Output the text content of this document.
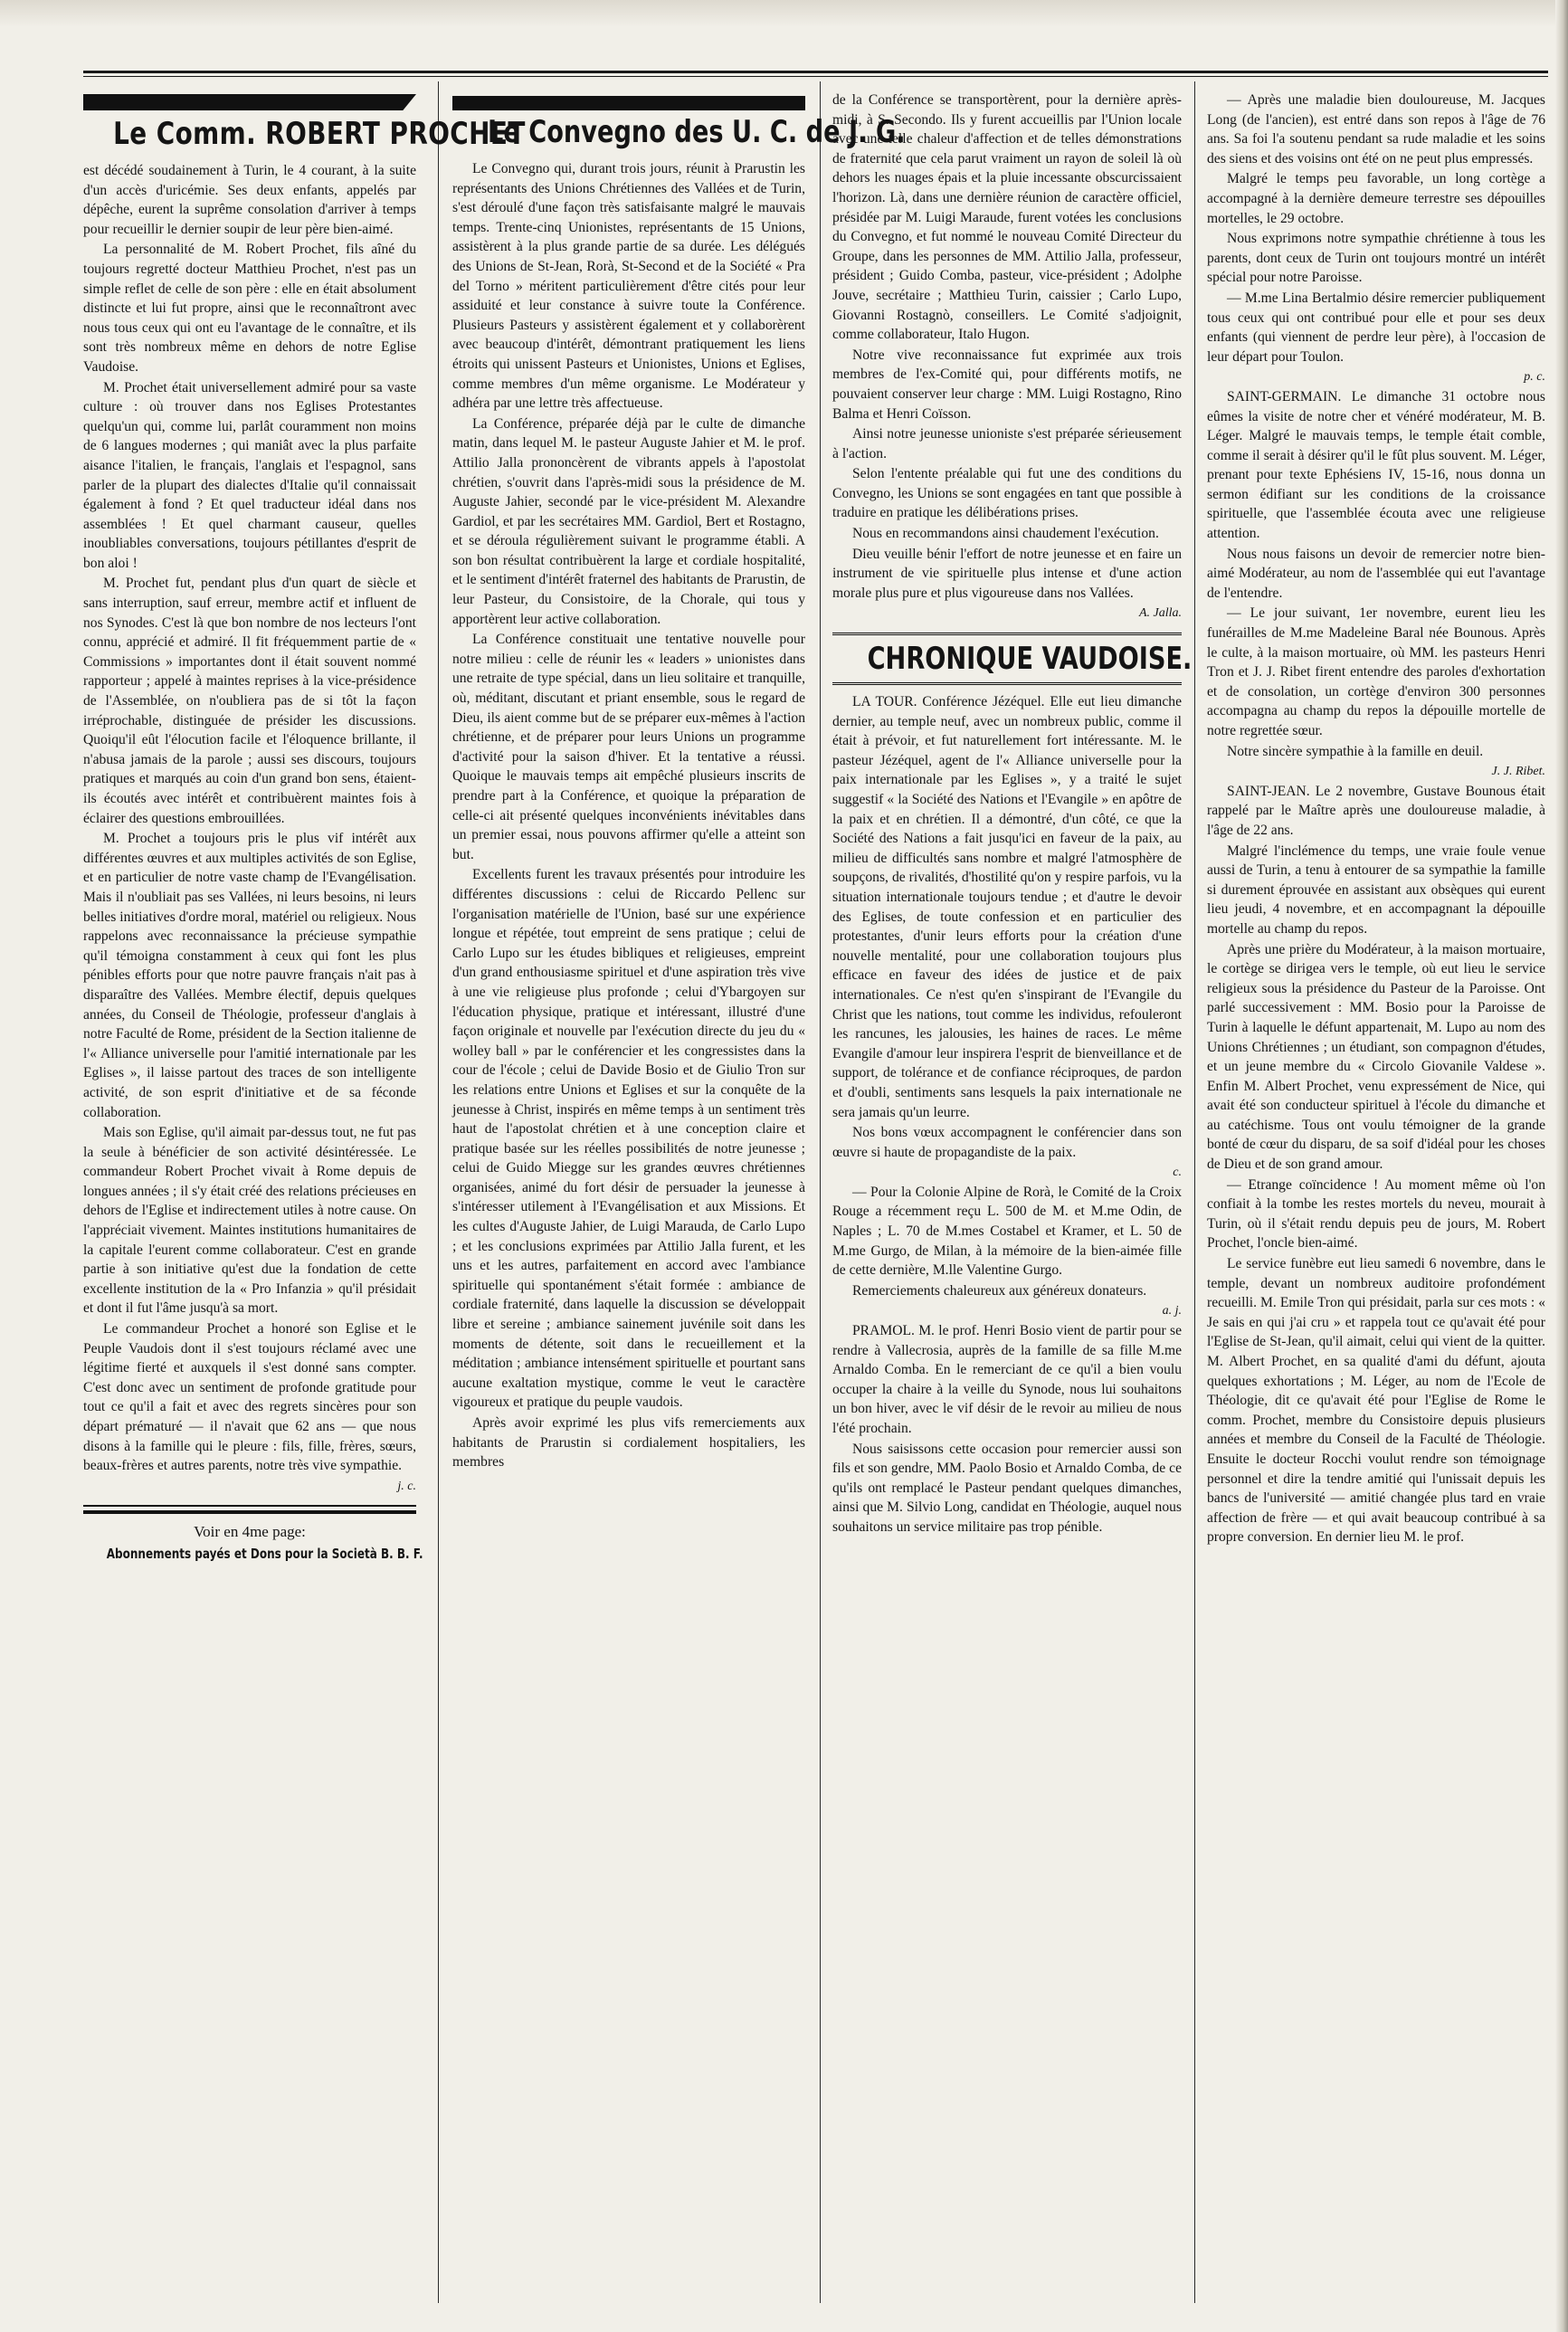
Le Comm. ROBERT PROCHET

est décédé soudainement à Turin, le 4 courant, à la suite d'un accès d'uricémie. Ses deux enfants, appelés par dépêche, eurent la suprême consolation d'arriver à temps pour recueillir le dernier soupir de leur père bien-aimé.

La personnalité de M. Robert Prochet, fils aîné du toujours regretté docteur Matthieu Prochet, n'est pas un simple reflet de celle de son père : elle en était absolument distincte et lui fut propre, ainsi que le reconnaîtront avec nous tous ceux qui ont eu l'avantage de le connaître, et ils sont très nombreux même en dehors de notre Eglise Vaudoise.

M. Prochet était universellement admiré pour sa vaste culture : où trouver dans nos Eglises Protestantes quelqu'un qui, comme lui, parlât couramment non moins de 6 langues modernes ; qui maniât avec la plus parfaite aisance l'italien, le français, l'anglais et l'espagnol, sans parler de la plupart des dialectes d'Italie qu'il connaissait également à fond ? Et quel traducteur idéal dans nos assemblées ! Et quel charmant causeur, quelles inoubliables conversations, toujours pétillantes d'esprit de bon aloi !

M. Prochet fut, pendant plus d'un quart de siècle et sans interruption, sauf erreur, membre actif et influent de nos Synodes. C'est là que bon nombre de nos lecteurs l'ont connu, apprécié et admiré. Il fit fréquemment partie de « Commissions » importantes dont il était souvent nommé rapporteur ; appelé à maintes reprises à la vice-présidence de l'Assemblée, on n'oubliera pas de si tôt la façon irréprochable, distinguée de présider les discussions. Quoiqu'il eût l'élocution facile et l'éloquence brillante, il n'abusa jamais de la parole ; aussi ses discours, toujours pratiques et marqués au coin d'un grand bon sens, étaient-ils écoutés avec intérêt et contribuèrent maintes fois à éclairer des questions embrouillées.

M. Prochet a toujours pris le plus vif intérêt aux différentes œuvres et aux multiples activités de son Eglise, et en particulier de notre vaste champ de l'Evangélisation. Mais il n'oubliait pas ses Vallées, ni leurs besoins, ni leurs belles initiatives d'ordre moral, matériel ou religieux. Nous rappelons avec reconnaissance la précieuse sympathie qu'il témoigna constamment à ceux qui font les plus pénibles efforts pour que notre pauvre français n'ait pas à disparaître des Vallées. Membre électif, depuis quelques années, du Conseil de Théologie, professeur d'anglais à notre Faculté de Rome, président de la Section italienne de l'« Alliance universelle pour l'amitié internationale par les Eglises », il laisse partout des traces de son intelligente activité, de son esprit d'initiative et de sa féconde collaboration.

Mais son Eglise, qu'il aimait par-dessus tout, ne fut pas la seule à bénéficier de son activité désintéressée. Le commandeur Robert Prochet vivait à Rome depuis de longues années ; il s'y était créé des relations précieuses en dehors de l'Eglise et indirectement utiles à notre cause. On l'appréciait vivement. Maintes institutions humanitaires de la capitale l'eurent comme collaborateur. C'est en grande partie à son initiative qu'est due la fondation de cette excellente institution de la « Pro Infanzia » qu'il présidait et dont il fut l'âme jusqu'à sa mort.

Le commandeur Prochet a honoré son Eglise et le Peuple Vaudois dont il s'est toujours réclamé avec une légitime fierté et auxquels il s'est donné sans compter. C'est donc avec un sentiment de profonde gratitude pour tout ce qu'il a fait et avec des regrets sincères pour son départ prématuré — il n'avait que 62 ans — que nous disons à la famille qui le pleure : fils, fille, frères, sœurs, beaux-frères et autres parents, notre très vive sympathie.

j. c.
Voir en 4me page:
Abonnements payés et Dons pour la Società B. B. F.
Le Convegno des U. C. de J. G.

Le Convegno qui, durant trois jours, réunit à Prarustin les représentants des Unions Chrétiennes des Vallées et de Turin, s'est déroulé d'une façon très satisfaisante malgré le mauvais temps. Trente-cinq Unionistes, représentants de 15 Unions, assistèrent à la plus grande partie de sa durée. Les délégués des Unions de St-Jean, Rorà, St-Second et de la Société « Pra del Torno » méritent particulièrement d'être cités pour leur assiduité et leur constance à suivre toute la Conférence. Plusieurs Pasteurs y assistèrent également et y collaborèrent avec beaucoup d'intérêt, démontrant pratiquement les liens étroits qui unissent Pasteurs et Unionistes, Unions et Eglises, comme membres d'un même organisme. Le Modérateur y adhéra par une lettre très affectueuse.

La Conférence, préparée déjà par le culte de dimanche matin, dans lequel M. le pasteur Auguste Jahier et M. le prof. Attilio Jalla prononcèrent de vibrants appels à l'apostolat chrétien, s'ouvrit dans l'après-midi sous la présidence de M. Auguste Jahier, secondé par le vice-président M. Alexandre Gardiol, et par les secrétaires MM. Gardiol, Bert et Rostagno, et se déroula régulièrement suivant le programme établi. A son bon résultat contribuèrent la large et cordiale hospitalité, et le sentiment d'intérêt fraternel des habitants de Prarustin, de leur Pasteur, du Consistoire, de la Chorale, qui tous y apportèrent leur active collaboration.

La Conférence constituait une tentative nouvelle pour notre milieu : celle de réunir les « leaders » unionistes dans une retraite de type spécial, dans un lieu solitaire et tranquille, où, méditant, discutant et priant ensemble, sous le regard de Dieu, ils aient comme but de se préparer eux-mêmes à l'action chrétienne, et de préparer pour leurs Unions un programme d'activité pour la saison d'hiver. Et la tentative a réussi. Quoique le mauvais temps ait empêché plusieurs inscrits de prendre part à la Conférence, et quoique la préparation de celle-ci ait présenté quelques inconvénients inévitables dans un premier essai, nous pouvons affirmer qu'elle a atteint son but.

Excellents furent les travaux présentés pour introduire les différentes discussions : celui de Riccardo Pellenc sur l'organisation matérielle de l'Union, basé sur une expérience longue et répétée, tout empreint de sens pratique ; celui de Carlo Lupo sur les études bibliques et religieuses, empreint d'un grand enthousiasme spirituel et d'une aspiration très vive à une vie religieuse plus profonde ; celui d'Ybargoyen sur l'éducation physique, pratique et intéressant, illustré d'une façon originale et nouvelle par l'exécution directe du jeu du « wolley ball » par le conférencier et les congressistes dans la cour de l'école ; celui de Davide Bosio et de Giulio Tron sur les relations entre Unions et Eglises et sur la conquête de la jeunesse à Christ, inspirés en même temps à un sentiment très haut de l'apostolat chrétien et à une conception claire et pratique basée sur les réelles possibilités de notre jeunesse ; celui de Guido Miegge sur les grandes œuvres chrétiennes organisées, animé du fort désir de persuader la jeunesse à s'intéresser utilement à l'Evangélisation et aux Missions. Et les cultes d'Auguste Jahier, de Luigi Marauda, de Carlo Lupo ; et les conclusions exprimées par Attilio Jalla furent, et les uns et les autres, parfaitement en accord avec l'ambiance spirituelle qui spontanément s'était formée : ambiance de cordiale fraternité, dans laquelle la discussion se développait libre et sereine ; ambiance sainement juvénile soit dans les moments de détente, soit dans le recueillement et la méditation ; ambiance intensément spirituelle et pourtant sans aucune exaltation mystique, comme le veut le caractère vigoureux et pratique du peuple vaudois.

Après avoir exprimé les plus vifs remerciements aux habitants de Prarustin si cordialement hospitaliers, les membres

de la Conférence se transportèrent, pour la dernière après-midi, à S. Secondo. Ils y furent accueillis par l'Union locale avec une telle chaleur d'affection et de telles démonstrations de fraternité que cela parut vraiment un rayon de soleil là où dehors les nuages épais et la pluie incessante obscurcissaient l'horizon. Là, dans une dernière réunion de caractère officiel, présidée par M. Luigi Maraude, furent votées les conclusions du Convegno, et fut nommé le nouveau Comité Directeur du Groupe, dans les personnes de MM. Attilio Jalla, professeur, président ; Guido Comba, pasteur, vice-président ; Adolphe Jouve, secrétaire ; Matthieu Turin, caissier ; Carlo Lupo, Giovanni Rostagnò, conseillers. Le Comité s'adjoignit, comme collaborateur, Italo Hugon.

Notre vive reconnaissance fut exprimée aux trois membres de l'ex-Comité qui, pour différents motifs, ne pouvaient conserver leur charge : MM. Luigi Rostagno, Rino Balma et Henri Coïsson.

Ainsi notre jeunesse unioniste s'est préparée sérieusement à l'action.

Selon l'entente préalable qui fut une des conditions du Convegno, les Unions se sont engagées en tant que possible à traduire en pratique les délibérations prises.

Nous en recommandons ainsi chaudement l'exécution.

Dieu veuille bénir l'effort de notre jeunesse et en faire un instrument de vie spirituelle plus intense et d'une action morale plus pure et plus vigoureuse dans nos Vallées.

A. Jalla.
CHRONIQUE VAUDOISE.

LA TOUR. Conférence Jézéquel. Elle eut lieu dimanche dernier, au temple neuf, avec un nombreux public, comme il était à prévoir, et fut naturellement fort intéressante. M. le pasteur Jézéquel, agent de l'« Alliance universelle pour la paix internationale par les Eglises », y a traité le sujet suggestif « la Société des Nations et l'Evangile » en apôtre de la paix et en chrétien. Il a démontré, d'un côté, ce que la Société des Nations a fait jusqu'ici en faveur de la paix, au milieu de difficultés sans nombre et malgré l'atmosphère de soupçons, de rivalités, d'hostilité qu'on y respire parfois, vu la situation internationale toujours tendue ; et d'autre le devoir des Eglises, de toute confession et en particulier des protestantes, d'unir leurs efforts pour la création d'une nouvelle mentalité, pour une collaboration toujours plus efficace en faveur des idées de justice et de paix internationales. Ce n'est qu'en s'inspirant de l'Evangile du Christ que les nations, tout comme les individus, refouleront les rancunes, les jalousies, les haines de races. Le même Evangile d'amour leur inspirera l'esprit de bienveillance et de support, de tolérance et de confiance réciproques, de pardon et d'oubli, sentiments sans lesquels la paix internationale ne sera jamais qu'un leurre.

Nos bons vœux accompagnent le conférencier dans son œuvre si haute de propagandiste de la paix.

c.

— Pour la Colonie Alpine de Rorà, le Comité de la Croix Rouge a récemment reçu L. 500 de M. et M.me Odin, de Naples ; L. 70 de M.mes Costabel et Kramer, et L. 50 de M.me Gurgo, de Milan, à la mémoire de la bien-aimée fille de cette dernière, M.lle Valentine Gurgo.

Remerciements chaleureux aux généreux donateurs.

a. j.

PRAMOL. M. le prof. Henri Bosio vient de partir pour se rendre à Vallecrosia, auprès de la famille de sa fille M.me Arnaldo Comba. En le remerciant de ce qu'il a bien voulu occuper la chaire à la veille du Synode, nous lui souhaitons un bon hiver, avec le vif désir de le revoir au milieu de nous l'été prochain.

Nous saisissons cette occasion pour remercier aussi son fils et son gendre, MM. Paolo Bosio et Arnaldo Comba, de ce qu'ils ont remplacé le Pasteur pendant quelques dimanches, ainsi que M. Silvio Long, candidat en Théologie, auquel nous souhaitons un service militaire pas trop pénible.

— Après une maladie bien douloureuse, M. Jacques Long (de l'ancien), est entré dans son repos à l'âge de 76 ans. Sa foi l'a soutenu pendant sa rude maladie et les soins des siens et des voisins ont été on ne peut plus empressés.

Malgré le temps peu favorable, un long cortège a accompagné à la dernière demeure terrestre ses dépouilles mortelles, le 29 octobre.

Nous exprimons notre sympathie chrétienne à tous les parents, dont ceux de Turin ont toujours montré un intérêt spécial pour notre Paroisse.

— M.me Lina Bertalmio désire remercier publiquement tous ceux qui ont contribué pour elle et pour ses deux enfants (qui viennent de perdre leur père), à l'occasion de leur départ pour Toulon.

p. c.

SAINT-GERMAIN. Le dimanche 31 octobre nous eûmes la visite de notre cher et vénéré modérateur, M. B. Léger. Malgré le mauvais temps, le temple était comble, comme il serait à désirer qu'il le fût plus souvent. M. Léger, prenant pour texte Ephésiens IV, 15-16, nous donna un sermon édifiant sur les conditions de la croissance spirituelle, que l'assemblée écouta avec une religieuse attention.

Nous nous faisons un devoir de remercier notre bien-aimé Modérateur, au nom de l'assemblée qui eut l'avantage de l'entendre.

— Le jour suivant, 1er novembre, eurent lieu les funérailles de M.me Madeleine Baral née Bounous. Après le culte, à la maison mortuaire, où MM. les pasteurs Henri Tron et J. J. Ribet firent entendre des paroles d'exhortation et de consolation, un cortège d'environ 300 personnes accompagna au champ du repos la dépouille mortelle de notre regrettée sœur.

Notre sincère sympathie à la famille en deuil.

J. J. Ribet.

SAINT-JEAN. Le 2 novembre, Gustave Bounous était rappelé par le Maître après une douloureuse maladie, à l'âge de 22 ans.

Malgré l'inclémence du temps, une vraie foule venue aussi de Turin, a tenu à entourer de sa sympathie la famille si durement éprouvée en assistant aux obsèques qui eurent lieu jeudi, 4 novembre, et en accompagnant la dépouille mortelle au champ du repos.

Après une prière du Modérateur, à la maison mortuaire, le cortège se dirigea vers le temple, où eut lieu le service religieux sous la présidence du Pasteur de la Paroisse. Ont parlé successivement : MM. Bosio pour la Paroisse de Turin à laquelle le défunt appartenait, M. Lupo au nom des Unions Chrétiennes ; un étudiant, son compagnon d'études, et un jeune membre du « Circolo Giovanile Valdese ». Enfin M. Albert Prochet, venu expressément de Nice, qui avait été son conducteur spirituel à l'école du dimanche et au catéchisme. Tous ont voulu témoigner de la grande bonté de cœur du disparu, de sa soif d'idéal pour les choses de Dieu et de son grand amour.

— Etrange coïncidence ! Au moment même où l'on confiait à la tombe les restes mortels du neveu, mourait à Turin, où il s'était rendu depuis peu de jours, M. Robert Prochet, l'oncle bien-aimé.

Le service funèbre eut lieu samedi 6 novembre, dans le temple, devant un nombreux auditoire profondément recueilli. M. Emile Tron qui présidait, parla sur ces mots : « Je sais en qui j'ai cru » et rappela tout ce qu'avait été pour l'Eglise de St-Jean, qu'il aimait, celui qui vient de la quitter. M. Albert Prochet, en sa qualité d'ami du défunt, ajouta quelques exhortations ; M. Léger, au nom de l'Ecole de Théologie, dit ce qu'avait été pour l'Eglise de Rome le comm. Prochet, membre du Consistoire depuis plusieurs années et membre du Conseil de la Faculté de Théologie. Ensuite le docteur Rocchi voulut rendre son témoignage personnel et dire la tendre amitié qui l'unissait depuis les bancs de l'université — amitié changée plus tard en vraie affection de frère — et qui avait beaucoup contribué à sa propre conversion. En dernier lieu M. le prof.
